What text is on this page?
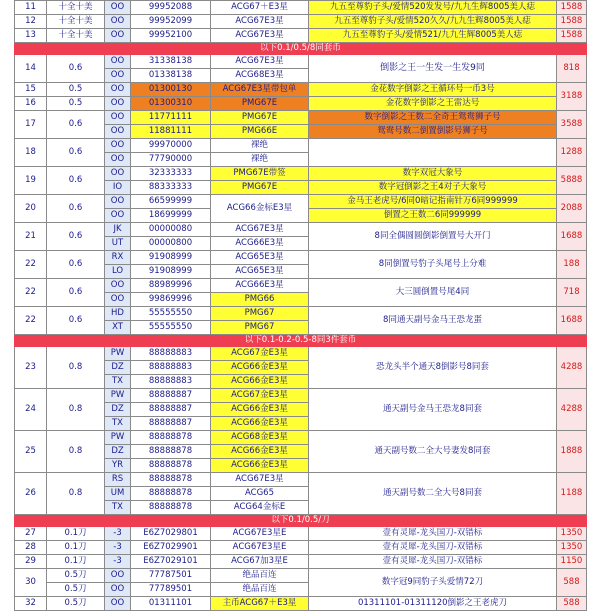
11	十全十美	OO	99952088	ACG67＋E3星	九五至尊豹子头/爱情520发发号/九九生辉8005美人痣	1588
12	十全十美	OO	99952099	ACG67E3星	九五至尊豹子头/爱情520久久/九九生辉8005美人痣	1588
13	十全十美	OO	99952100	ACG67E3星	九五至尊豹子头/爱情521/九九生辉8005美人痣	1588
以下0.1/0.5/8同套币						
14	0.6	OO	31338138	ACG67E3星	倒影之王一生发一生发9同	818
		OO	01338138	ACG68E3星		
15	0.5	OO	01300130	ACG67E3星带包单	金花数字倒影之王循环号一币3号	3188
16	0.5	OO	01300310	PMG67E	金花数字倒影之王雷达号	
17	0.6	OO	11771111	PMG67E	数字倒影之王数二全奇王鸳鸯狮子号	3588
		OO	11881111	PMG66E	鸳鸯号数二倒置倒影号狮子号	
18	0.6	OO	99970000	裸绝		1288
		OO	77790000	裸绝		
19	0.6	OO	32333333	PMG67E带签	数字双冠大象号	5888
		IO	88333333	PMG67E	数字冠倒影之王4对子大象号	
20	0.6	OO	66599999	ACG66金标E3星	金马王老虎号/6同0暗记指南针万6同999999	2088
		OO	18699999		倒置之王数二6同999999	
21	0.6	JK	00000080	ACG67E3星	8同全偶圆圆倒影倒置号大开门	1688
		UT	00000800	ACG66E3星		
22	0.6	RX	91908999	ACG65E3星	8同倒置号豹子头尾号上分难	188
		LO	91908999	ACG65E3星		
22	0.6	OO	88989996	ACG66E3星	大三圆倒置号尾4同	718
		OO	99869996	PMG66		
22	0.6	HD	55555550	PMG67	8同通天副号金马王恐龙蛋	1688
		XT	55555550	PMG67		
以下0.1-0.2-0.5-8同3件套币						
23	0.8	PW	88888883	ACG67金E3星	恐龙头半个通天8倒影号8同套	4288
		DZ	88888883	ACG66金E3星		
		TX	88888883	ACG66金E3星		
24	0.8	PW	88888887	ACG67金E3星	通天副号金马王恐龙8同套	4288
		DZ	88888887	ACG66金E3星		
		TX	88888887	ACG66金E3星		
25	0.8	PW	88888878	ACG68金E3星	通天副号数二全大号妻发8同套	1888
		DZ	88888878	ACG66金E3星		
		YR	88888878	ACG66金E3星		
26	0.8	RS	88888878	ACG67E3星	通天副号数二全大号8同套	1188
		UM	88888878	ACG65		
		TX	88888878	ACG64金标E		
以下0.1/0.5/刀						
27	0.1刀	-3	E6Z7029801	ACG67E3星E	壹有灵犀-龙头国刀-双错标	1350
28	0.1刀	-3	E6Z7029901	ACG67E3星E	壹有灵犀-龙头国刀-双错标	1350
29	0.1刀	-3	E6Z7029101	ACG67加3星E	壹有灵犀-龙头国刀-双错标	1150
30	0.5刀	OO	77787501	绝品百连	数字冠9同豹子头爱情72刀	588
	0.5刀	OO	77789501	绝品百连		
32	0.5刀	OO	01311101	主币ACG67＋E3星	01311101-01311120倒影之王老虎刀	588
